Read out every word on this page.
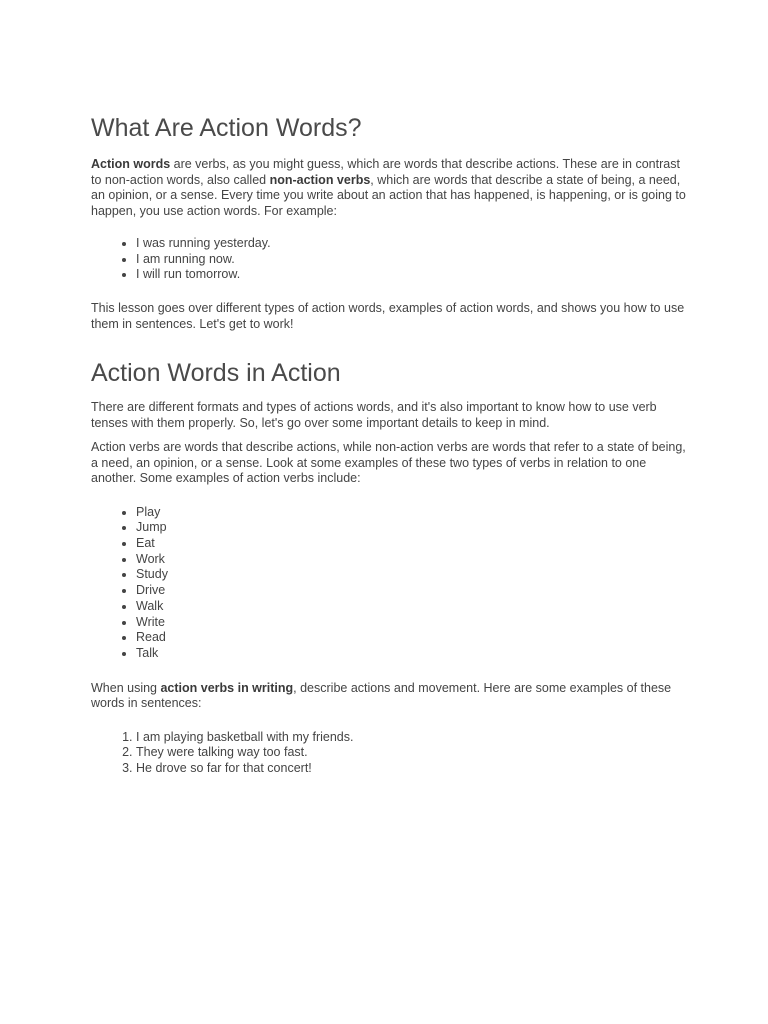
What Are Action Words?

Action words are verbs, as you might guess, which are words that describe actions. These are in contrast to non-action words, also called non-action verbs, which are words that describe a state of being, a need, an opinion, or a sense. Every time you write about an action that has happened, is happening, or is going to happen, you use action words. For example:

• I was running yesterday.
• I am running now.
• I will run tomorrow.

This lesson goes over different types of action words, examples of action words, and shows you how to use them in sentences. Let's get to work!

Action Words in Action

There are different formats and types of actions words, and it's also important to know how to use verb tenses with them properly. So, let's go over some important details to keep in mind.

Action verbs are words that describe actions, while non-action verbs are words that refer to a state of being, a need, an opinion, or a sense. Look at some examples of these two types of verbs in relation to one another. Some examples of action verbs include:

• Play
• Jump
• Eat
• Work
• Study
• Drive
• Walk
• Write
• Read
• Talk

When using action verbs in writing, describe actions and movement. Here are some examples of these words in sentences:

1. I am playing basketball with my friends.
2. They were talking way too fast.
3. He drove so far for that concert!
